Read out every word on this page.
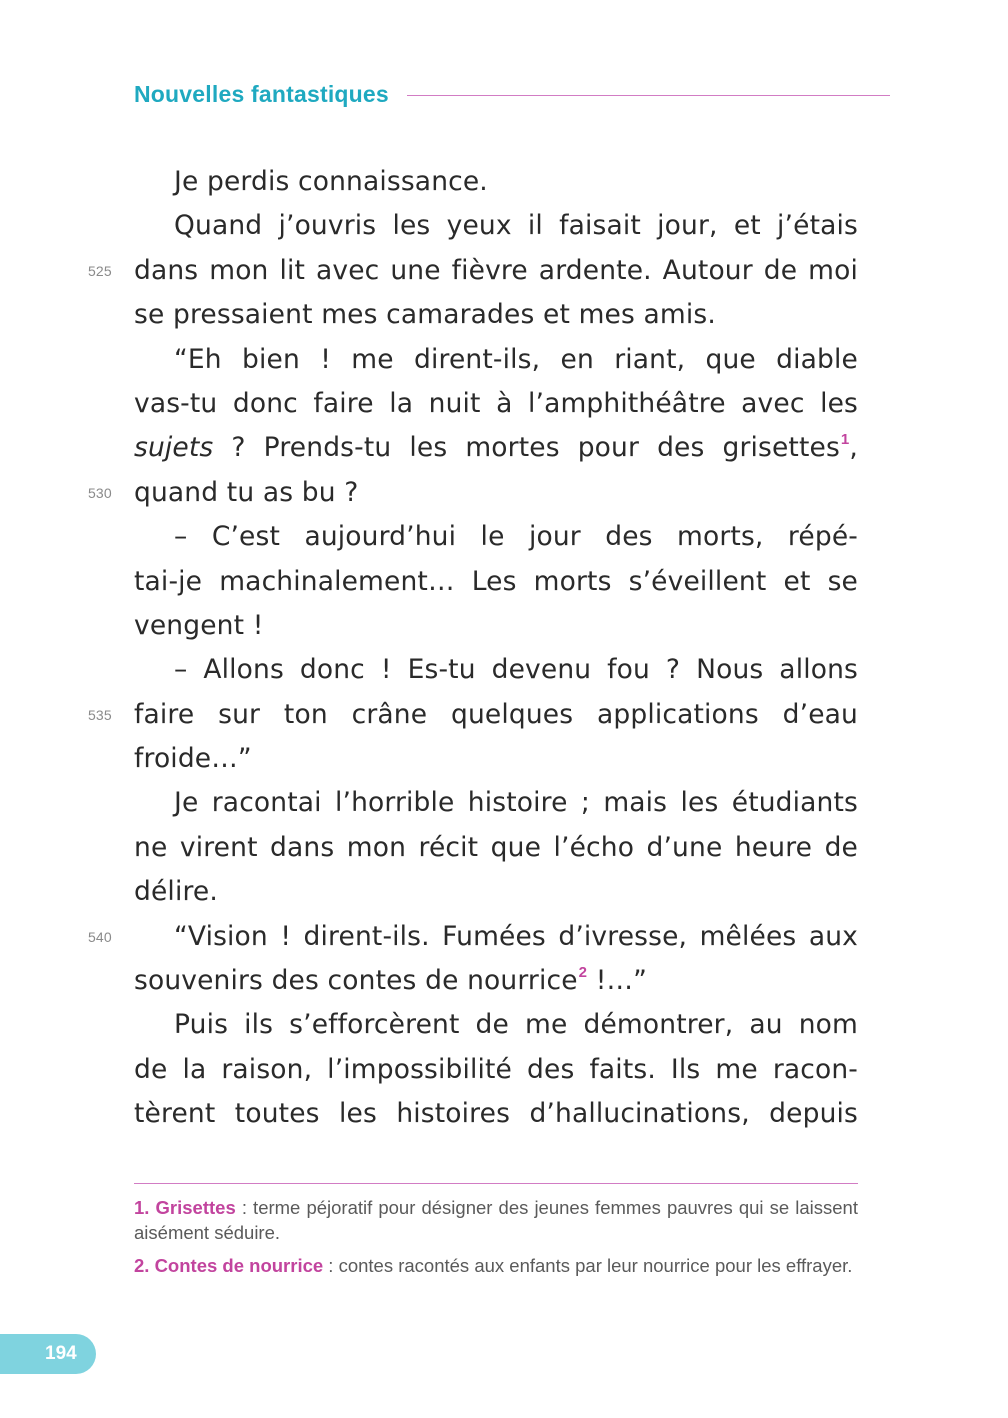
Nouvelles fantastiques
Je perdis connaissance.
Quand j’ouvris les yeux il faisait jour, et j’étais
525 dans mon lit avec une fièvre ardente. Autour de moi
se pressaient mes camarades et mes amis.
“Eh bien ! me dirent-ils, en riant, que diable
vas-tu donc faire la nuit à l’amphithéâtre avec les
sujets ? Prends-tu les mortes pour des grisettes$^1$,
530 quand tu as bu ?
– C’est aujourd’hui le jour des morts, répé-
tai-je machinalement… Les morts s’éveillent et se
vengent !
– Allons donc ! Es-tu devenu fou ? Nous allons
535 faire sur ton crâne quelques applications d’eau
froide…”
Je racontai l’horrible histoire ; mais les étudiants
ne virent dans mon récit que l’écho d’une heure de
délire.
540	“Vision ! dirent-ils. Fumées d’ivresse, mêlées aux
souvenirs des contes de nourrice$^2$ !…”
Puis ils s’efforcèrent de me démontrer, au nom
de la raison, l’impossibilité des faits. Ils me racon-
tèrent toutes les histoires d’hallucinations, depuis
1. Grisettes : terme péjoratif pour désigner des jeunes femmes pauvres qui se laissent aisément séduire.
2. Contes de nourrice : contes racontés aux enfants par leur nourrice pour les effrayer.
194
